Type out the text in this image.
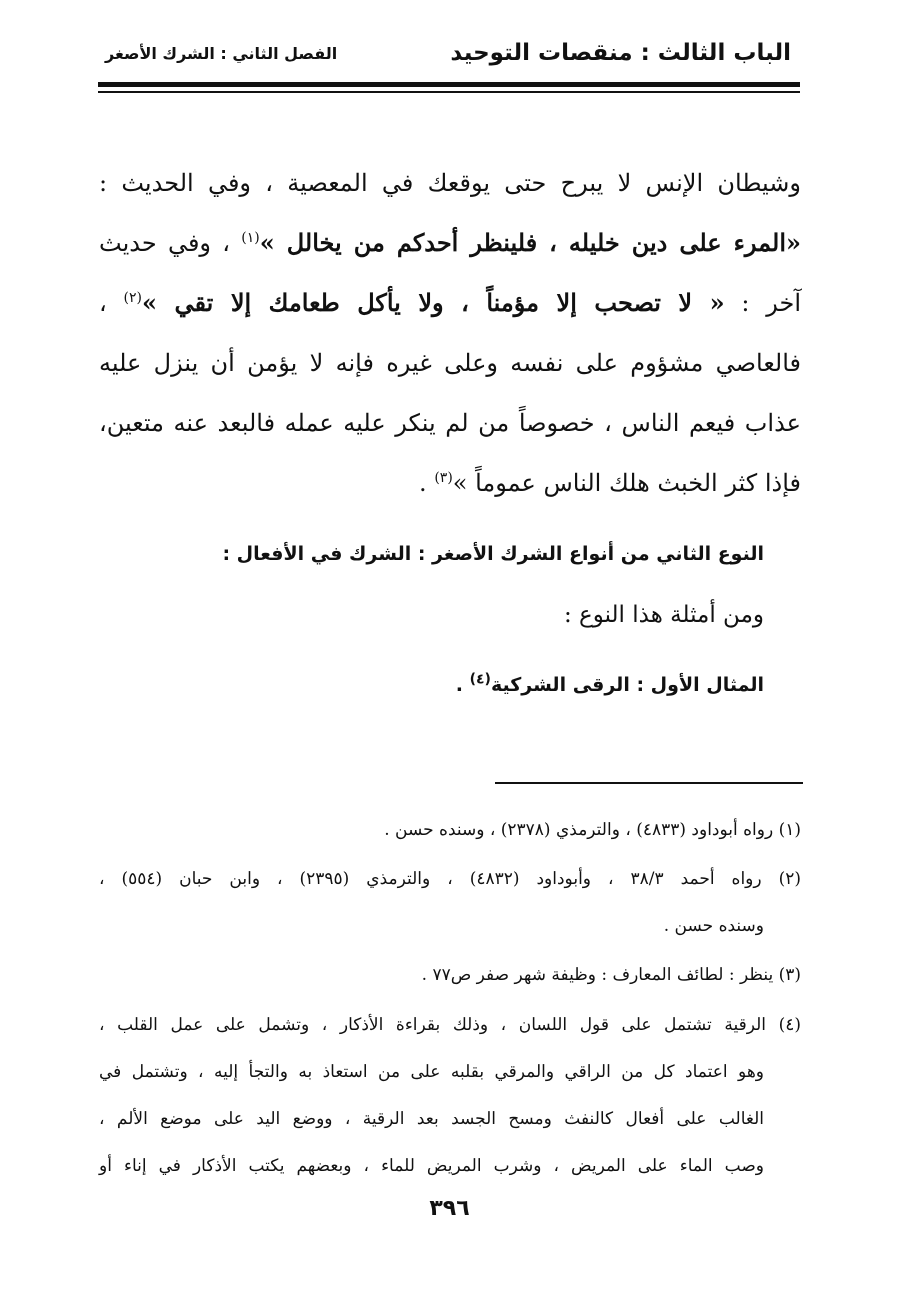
الباب الثالث : منقصات التوحيد
الفصل الثاني : الشرك الأصغر
وشيطان الإنس لا يبرح حتى يوقعك في المعصية ، وفي الحديث :
«المرء على دين خليله ، فلينظر أحدكم من يخالل »$^{(١)}$ ، وفي حديث
آخر : « لا تصحب إلا مؤمناً ، ولا يأكل طعامك إلا تقي »$^{(٢)}$ ،
فالعاصي مشؤوم على نفسه وعلى غيره فإنه لا يؤمن أن ينزل عليه
عذاب فيعم الناس ، خصوصاً من لم ينكر عليه عمله فالبعد عنه متعين،
فإذا كثر الخبث هلك الناس عموماً »$^{(٣)}$ .
النوع الثاني من أنواع الشرك الأصغر : الشرك في الأفعال :
ومن أمثلة هذا النوع :
المثال الأول : الرقى الشركية$^{(٤)}$ .
(١) رواه أبوداود (٤٨٣٣) ، والترمذي (٢٣٧٨) ، وسنده حسن .
(٢) رواه أحمد ٣٨/٣ ، وأبوداود (٤٨٣٢) ، والترمذي (٢٣٩٥) ، وابن حبان (٥٥٤) ،
وسنده حسن .
(٣) ينظر : لطائف المعارف : وظيفة شهر صفر ص٧٧ .
(٤) الرقية تشتمل على قول اللسان ، وذلك بقراءة الأذكار ، وتشمل على عمل القلب ،
وهو اعتماد كل من الراقي والمرقي بقلبه على من استعاذ به والتجأ إليه ، وتشتمل في
الغالب على أفعال كالنفث ومسح الجسد بعد الرقية ، ووضع اليد على موضع الألم ،
وصب الماء على المريض ، وشرب المريض للماء ، وبعضهم يكتب الأذكار في إناء أو
٣٩٦
